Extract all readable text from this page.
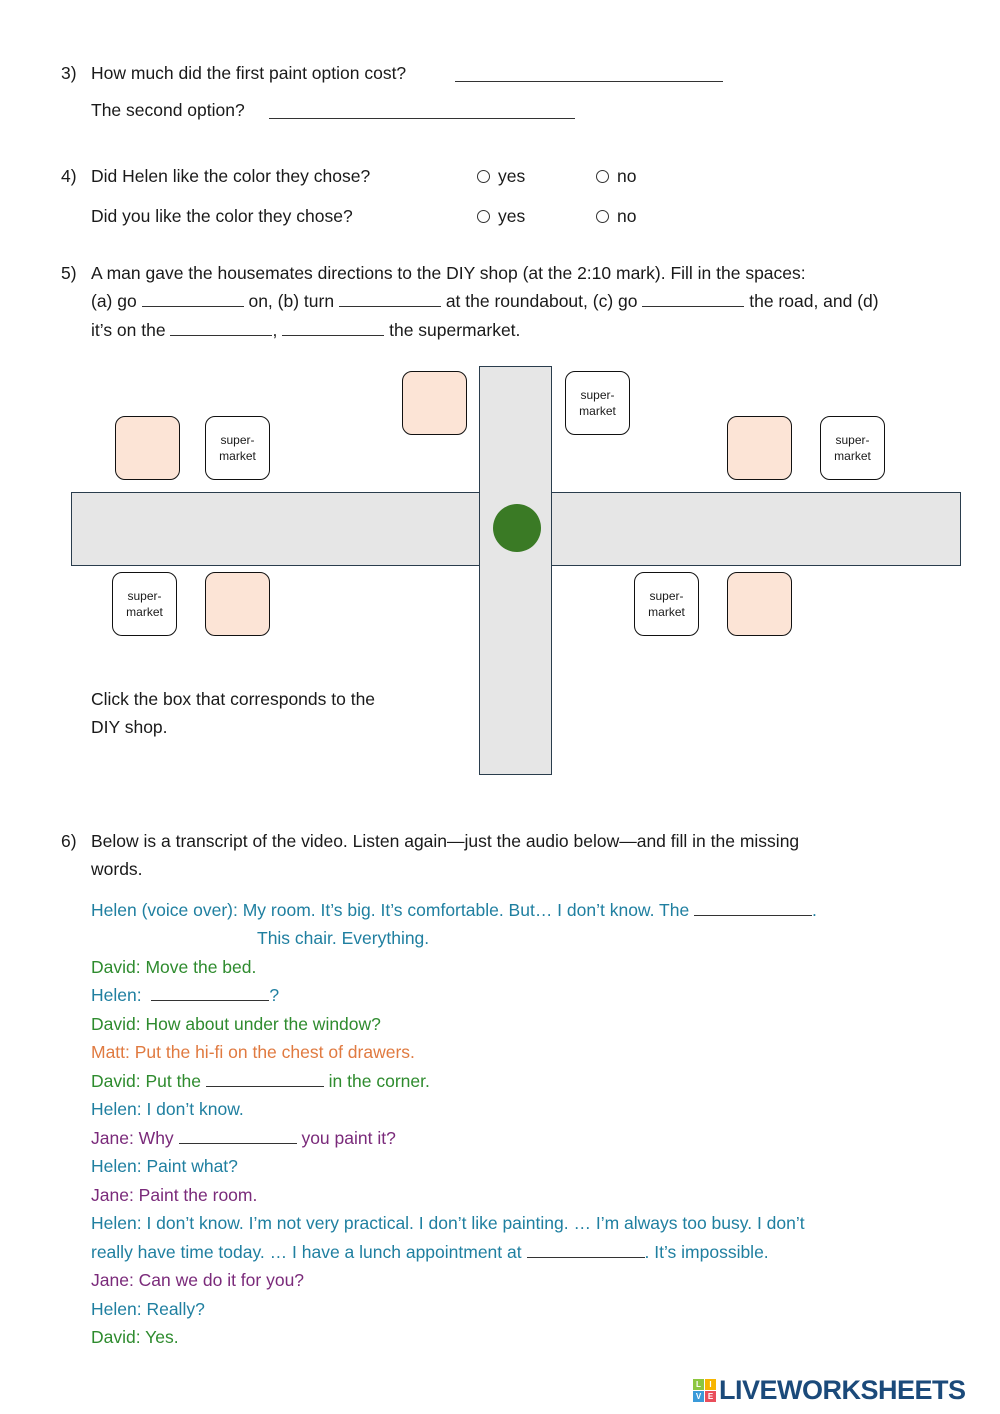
3) How much did the first paint option cost?
The second option?
4) Did Helen like the color they chose?	yes	no
Did you like the color they chose?	yes	no
5) A man gave the housemates directions to the DIY shop (at the 2:10 mark). Fill in the spaces:
(a) go	on, (b) turn	at the roundabout, (c) go	the road, and (d)
it’s on the	,	the supermarket.
super-
market
super-
market
super-
market
super-
market
super-
market
Click the box that corresponds to the
DIY shop.
6) Below is a transcript of the video. Listen again—just the audio below—and fill in the missing
words.
Helen (voice over): My room. It’s big. It’s comfortable. But… I don’t know. The	.
This chair. Everything.
David: Move the bed.
Helen:	?
David: How about under the window?
Matt: Put the hi-fi on the chest of drawers.
David: Put the	in the corner.
Helen: I don’t know.
Jane: Why	you paint it?
Helen: Paint what?
Jane: Paint the room.
Helen: I don’t know. I’m not very practical. I don’t like painting. … I’m always too busy. I don’t
really have time today. … I have a lunch appointment at	. It’s impossible.
Jane: Can we do it for you?
Helen: Really?
David: Yes.
L	I
V E LIVEWORKSHEETS
